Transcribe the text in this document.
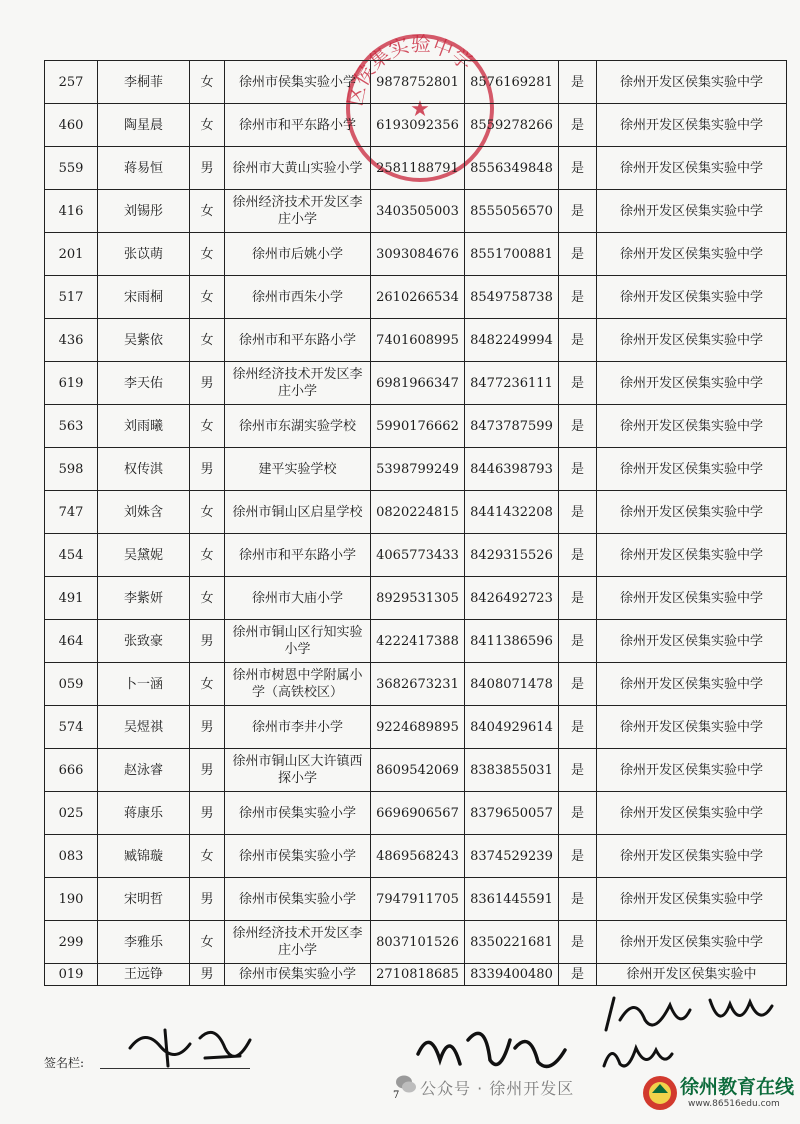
区侯集实验中学
★
257	李桐菲	女	徐州市侯集实验小学	9878752801	8576169281	是	徐州开发区侯集实验中学
460	陶星晨	女	徐州市和平东路小学	6193092356	8559278266	是	徐州开发区侯集实验中学
559	蒋易恒	男	徐州市大黄山实验小学	2581188791	8556349848	是	徐州开发区侯集实验中学
416	刘锡彤	女	徐州经济技术开发区李庄小学	3403505003	8555056570	是	徐州开发区侯集实验中学
201	张苡萌	女	徐州市后姚小学	3093084676	8551700881	是	徐州开发区侯集实验中学
517	宋雨桐	女	徐州市西朱小学	2610266534	8549758738	是	徐州开发区侯集实验中学
436	吴紫依	女	徐州市和平东路小学	7401608995	8482249994	是	徐州开发区侯集实验中学
619	李天佑	男	徐州经济技术开发区李庄小学	6981966347	8477236111	是	徐州开发区侯集实验中学
563	刘雨曦	女	徐州市东湖实验学校	5990176662	8473787599	是	徐州开发区侯集实验中学
598	权传淇	男	建平实验学校	5398799249	8446398793	是	徐州开发区侯集实验中学
747	刘姝含	女	徐州市铜山区启星学校	0820224815	8441432208	是	徐州开发区侯集实验中学
454	吴黛妮	女	徐州市和平东路小学	4065773433	8429315526	是	徐州开发区侯集实验中学
491	李紫妍	女	徐州市大庙小学	8929531305	8426492723	是	徐州开发区侯集实验中学
464	张致豪	男	徐州市铜山区行知实验小学	4222417388	8411386596	是	徐州开发区侯集实验中学
059	卜一涵	女	徐州市树恩中学附属小学（高铁校区）	3682673231	8408071478	是	徐州开发区侯集实验中学
574	吴煜祺	男	徐州市李井小学	9224689895	8404929614	是	徐州开发区侯集实验中学
666	赵泳睿	男	徐州市铜山区大许镇西探小学	8609542069	8383855031	是	徐州开发区侯集实验中学
025	蒋康乐	男	徐州市侯集实验小学	6696906567	8379650057	是	徐州开发区侯集实验中学
083	臧锦璇	女	徐州市侯集实验小学	4869568243	8374529239	是	徐州开发区侯集实验中学
190	宋明哲	男	徐州市侯集实验小学	7947911705	8361445591	是	徐州开发区侯集实验中学
299	李雅乐	女	徐州经济技术开发区李庄小学	8037101526	8350221681	是	徐州开发区侯集实验中学
019	王远铮	男	徐州市侯集实验小学	2710818685	8339400480	是	徐州开发区侯集实验中
签名栏:
7 公众号 · 徐州开发区	徐州教育在线
www.86516edu.com
